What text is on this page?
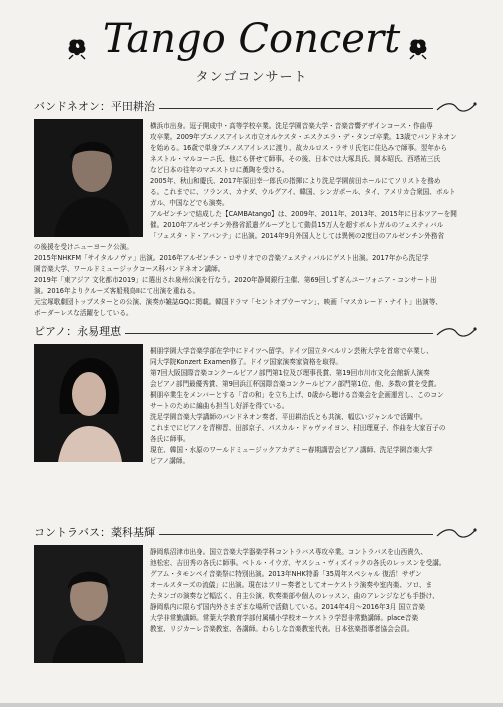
Tango Concert
タンゴコンサート
バンドネオン：平田耕治

横浜市出身。逗子開成中・高等学校卒業。洗足学園音楽大学・音楽音響デザインコース・作曲専

攻卒業。2009年ブエノスアイレス市立オルケスタ・エスクエラ・デ・タンゴ卒業。13歳でバンドネオン

を始める。16歳で単身ブエノスアイレスに渡り、故カルロス・ラサリ氏宅に住込みで師事。翌年から

ネストル・マルコーニ氏、他にも併せて師事。その後、日本では大塚具氏、岡本昭氏、西塔祐三氏

など日本の往年のマエストロに薫陶を受ける。

2005年、秋山和慶氏、2017年原田幸一郎氏の指揮により洗足学園前田ホールにてソリストを務め

る。これまでに、フランス、カナダ、ウルグアイ、韓国、シンガポール、タイ、アメリカ合衆国、ボルト

ガル、中国などでも演奏。

アルゼンチンで結成した【CAMBAtango】は、2009年、2011年、2013年、2015年に日本ツアーを開

催。2010年アルゼンチン外務省派遣グループとして動員15万人を超すボルトガルのフェスティバル

「フェスタ・ド・アバンテ」に出演。2014年9月外国人としては異例の2度目のアルゼンチン外務省

の後援を受けニューヨーク公演。

2015年NHKFM「サイタルノヴァ」出演。2016年アルゼンチン・ロサリオでの音楽フェスティバルにゲスト出演。2017年から洗足学

園音楽大学、ワールドミュージックコース科バンドネオン講師。

2019年「東アジア 文化都市2019」に選出され泉州公演を行なう。2020年静岡銀行主催、第69回しずぎんユーフォニア・コンサート出

演。2016年よりクルーズ客船飛鳥IIにて出演を重ねる。

元宝塚歌劇団トップスターとの公演、演奏が雑誌GQに掲載。韓国ドラマ「セントオブウーマン」、映画「マスカレード・ナイト」出演等、

ボーダーレスな活躍をしている。

ピアノ：永易理恵

桐朋学園大学音楽学部在学中にドイツへ留学。ドイツ国立タベルリン芸術大学を首席で卒業し、

同大学院Konzert Examen修了。ドイツ国家演奏家資格を取得。

第7回大阪国際音楽コンクールピアノ部門第1位及び理事長賞、第19回市川市文化会館新人演奏

会ピアノ部門最優秀賞、第9回浜江杯国際音楽コンクールピアノ部門第1位、他、多数の賞を受賞。

桐朋卒業生をメンバーとする「音の和」を立ち上げ、0歳から聴ける音楽会を企画運営し、このコン

サートのために編曲も担当し好評を得ている。

洗足学園音楽大学講師のバンドネオン奏者、平田耕治氏とも共演、幅広いジャンルで活躍中。

これまでにピアノを青柳晋、田部京子、パスカル・ドゥヴァイヨン、村田理夏子、作曲を大家百子の

各氏に師事。

現在、韓国・水原のワールドミュージックアカデミー春期講習会ピアノ講師、洗足学園音楽大学

ピアノ講師。

コントラバス：薬科基輝

静岡県沼津市出身。国立音楽大学器楽学科コントラバス専攻卒業。コントラバスを山西貴久、

池松宏、吉田秀の各氏に師事。ベトル・イウガ、ヤスシュ・ヴィズイックの各氏のレッスンを受講。

グアム・タモンベイ音楽祭に特別出演。2013年NHK特番「35周年スペシャル 復活！サザン

オールスターズの流儀」に出演。現在はフリー奏者としてオーケストラ演奏や室内楽、ソロ、ま

たタンゴの演奏など幅広く、自主公演、吹奏楽部や個人のレッスン、曲のアレンジなども手掛け、

静岡県内に限らず国内外さまざまな場所で活動している。2014年4月～2016年3月 国立音楽

大学非常勤講師。常葉大学教育学部付属橘小学校オーケストラ学習非常勤講師。place音楽

教室、リジカーレ音楽教室、各講師。わらしな音楽教室代表。日本弦楽指導者協会会員。
